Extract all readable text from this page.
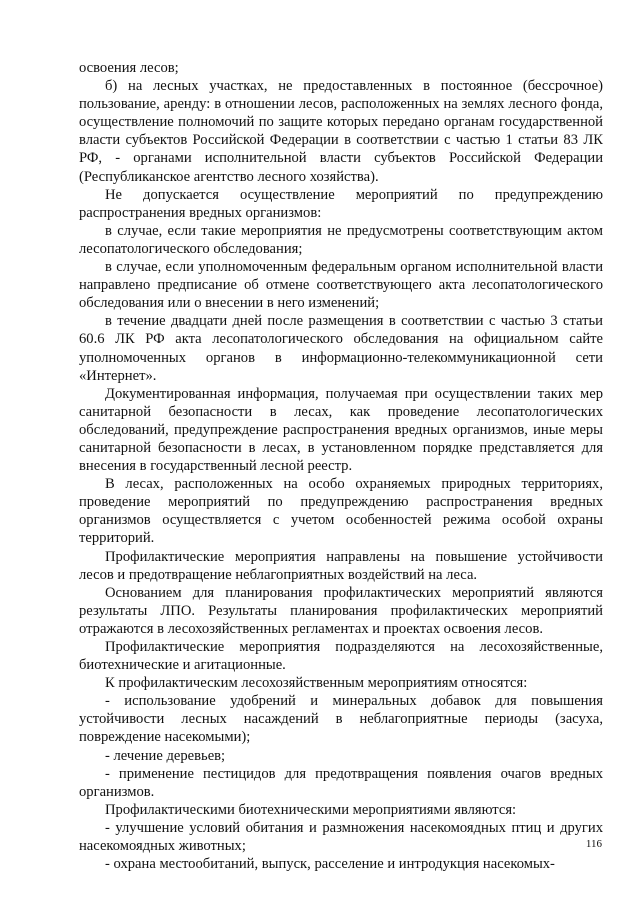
освоения лесов;

б) на лесных участках, не предоставленных в постоянное (бессрочное) пользование, аренду: в отношении лесов, расположенных на землях лесного фонда, осуществление полномочий по защите которых передано органам государственной власти субъектов Российской Федерации в соответствии с частью 1 статьи 83 ЛК РФ, - органами исполнительной власти субъектов Российской Федерации (Республиканское агентство лесного хозяйства).

Не допускается осуществление мероприятий по предупреждению распространения вредных организмов:

в случае, если такие мероприятия не предусмотрены соответствующим актом лесопатологического обследования;

в случае, если уполномоченным федеральным органом исполнительной власти направлено предписание об отмене соответствующего акта лесопатологического обследования или о внесении в него изменений;

в течение двадцати дней после размещения в соответствии с частью 3 статьи 60.6 ЛК РФ акта лесопатологического обследования на официальном сайте уполномоченных органов в информационно-телекоммуникационной сети «Интернет».

Документированная информация, получаемая при осуществлении таких мер санитарной безопасности в лесах, как проведение лесопатологических обследований, предупреждение распространения вредных организмов, иные меры санитарной безопасности в лесах, в установленном порядке представляется для внесения в государственный лесной реестр.

В лесах, расположенных на особо охраняемых природных территориях, проведение мероприятий по предупреждению распространения вредных организмов осуществляется с учетом особенностей режима особой охраны территорий.

Профилактические мероприятия направлены на повышение устойчивости лесов и предотвращение неблагоприятных воздействий на леса.

Основанием для планирования профилактических мероприятий являются результаты ЛПО. Результаты планирования профилактических мероприятий отражаются в лесохозяйственных регламентах и проектах освоения лесов.

Профилактические мероприятия подразделяются на лесохозяйственные, биотехнические и агитационные.

К профилактическим лесохозяйственным мероприятиям относятся:

- использование удобрений и минеральных добавок для повышения устойчивости лесных насаждений в неблагоприятные периоды (засуха, повреждение насекомыми);

- лечение деревьев;

- применение пестицидов для предотвращения появления очагов вредных организмов.

Профилактическими биотехническими мероприятиями являются:

- улучшение условий обитания и размножения насекомоядных птиц и других насекомоядных животных;

- охрана местообитаний, выпуск, расселение и интродукция насекомых-

116
